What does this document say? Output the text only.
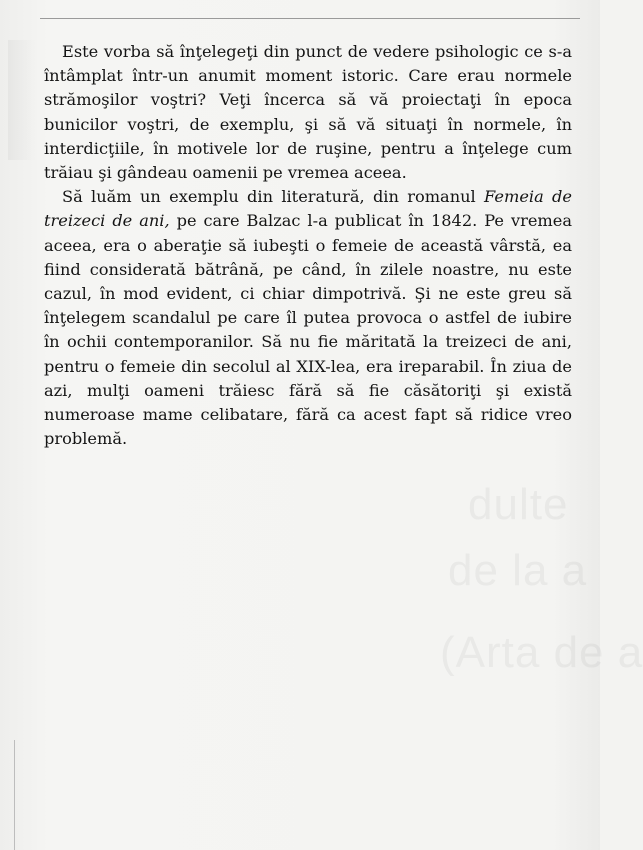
dulte
de la a
(Arta de a

Este vorba să înţelegeţi din punct de vedere psihologic ce s-a întâmplat într-un anumit moment istoric. Care erau normele strămoşilor voştri? Veţi încerca să vă proiectaţi în epoca bunicilor voştri, de exemplu, şi să vă situaţi în normele, în interdicţiile, în motivele lor de ruşine, pentru a înţelege cum trăiau şi gândeau oamenii pe vremea aceea.

Să luăm un exemplu din literatură, din romanul Femeia de treizeci de ani, pe care Balzac l-a publicat în 1842. Pe vremea aceea, era o aberaţie să iubeşti o femeie de această vârstă, ea fiind considerată bătrână, pe când, în zilele noastre, nu este cazul, în mod evident, ci chiar dimpotrivă. Şi ne este greu să înţelegem scandalul pe care îl putea provoca o astfel de iubire în ochii contemporanilor. Să nu fie măritată la treizeci de ani, pentru o femeie din secolul al XIX-lea, era ireparabil. În ziua de azi, mulţi oameni trăiesc fără să fie căsătoriţi şi există numeroase mame celibatare, fără ca acest fapt să ridice vreo problemă.
